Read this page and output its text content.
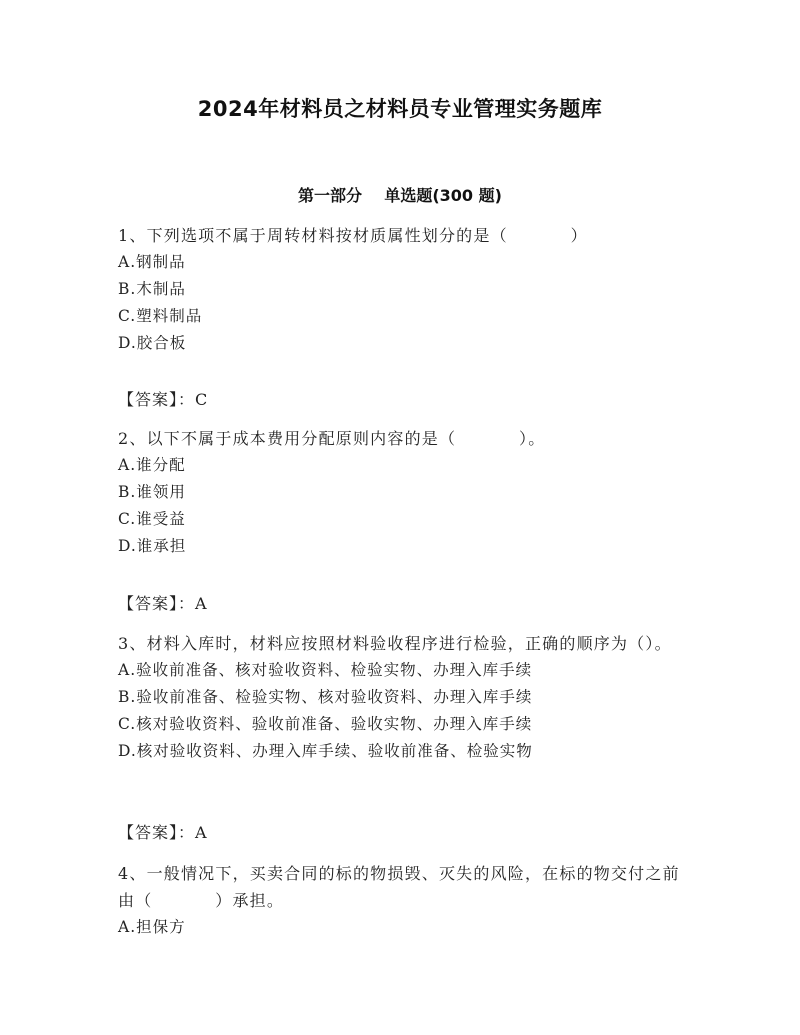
2024年材料员之材料员专业管理实务题库
第一部分    单选题(300 题)

1、下列选项不属于周转材料按材质属性划分的是（          ）

A.钢制品

B.木制品

C.塑料制品

D.胶合板

【答案】：C

2、以下不属于成本费用分配原则内容的是（          ）。

A.谁分配

B.谁领用

C.谁受益

D.谁承担

【答案】：A

3、材料入库时，材料应按照材料验收程序进行检验，正确的顺序为（）。

A.验收前准备、核对验收资料、检验实物、办理入库手续

B.验收前准备、检验实物、核对验收资料、办理入库手续

C.核对验收资料、验收前准备、验收实物、办理入库手续

D.核对验收资料、办理入库手续、验收前准备、检验实物

【答案】：A

4、一般情况下，买卖合同的标的物损毁、灭失的风险，在标的物交付之前由（          ）承担。

A.担保方
